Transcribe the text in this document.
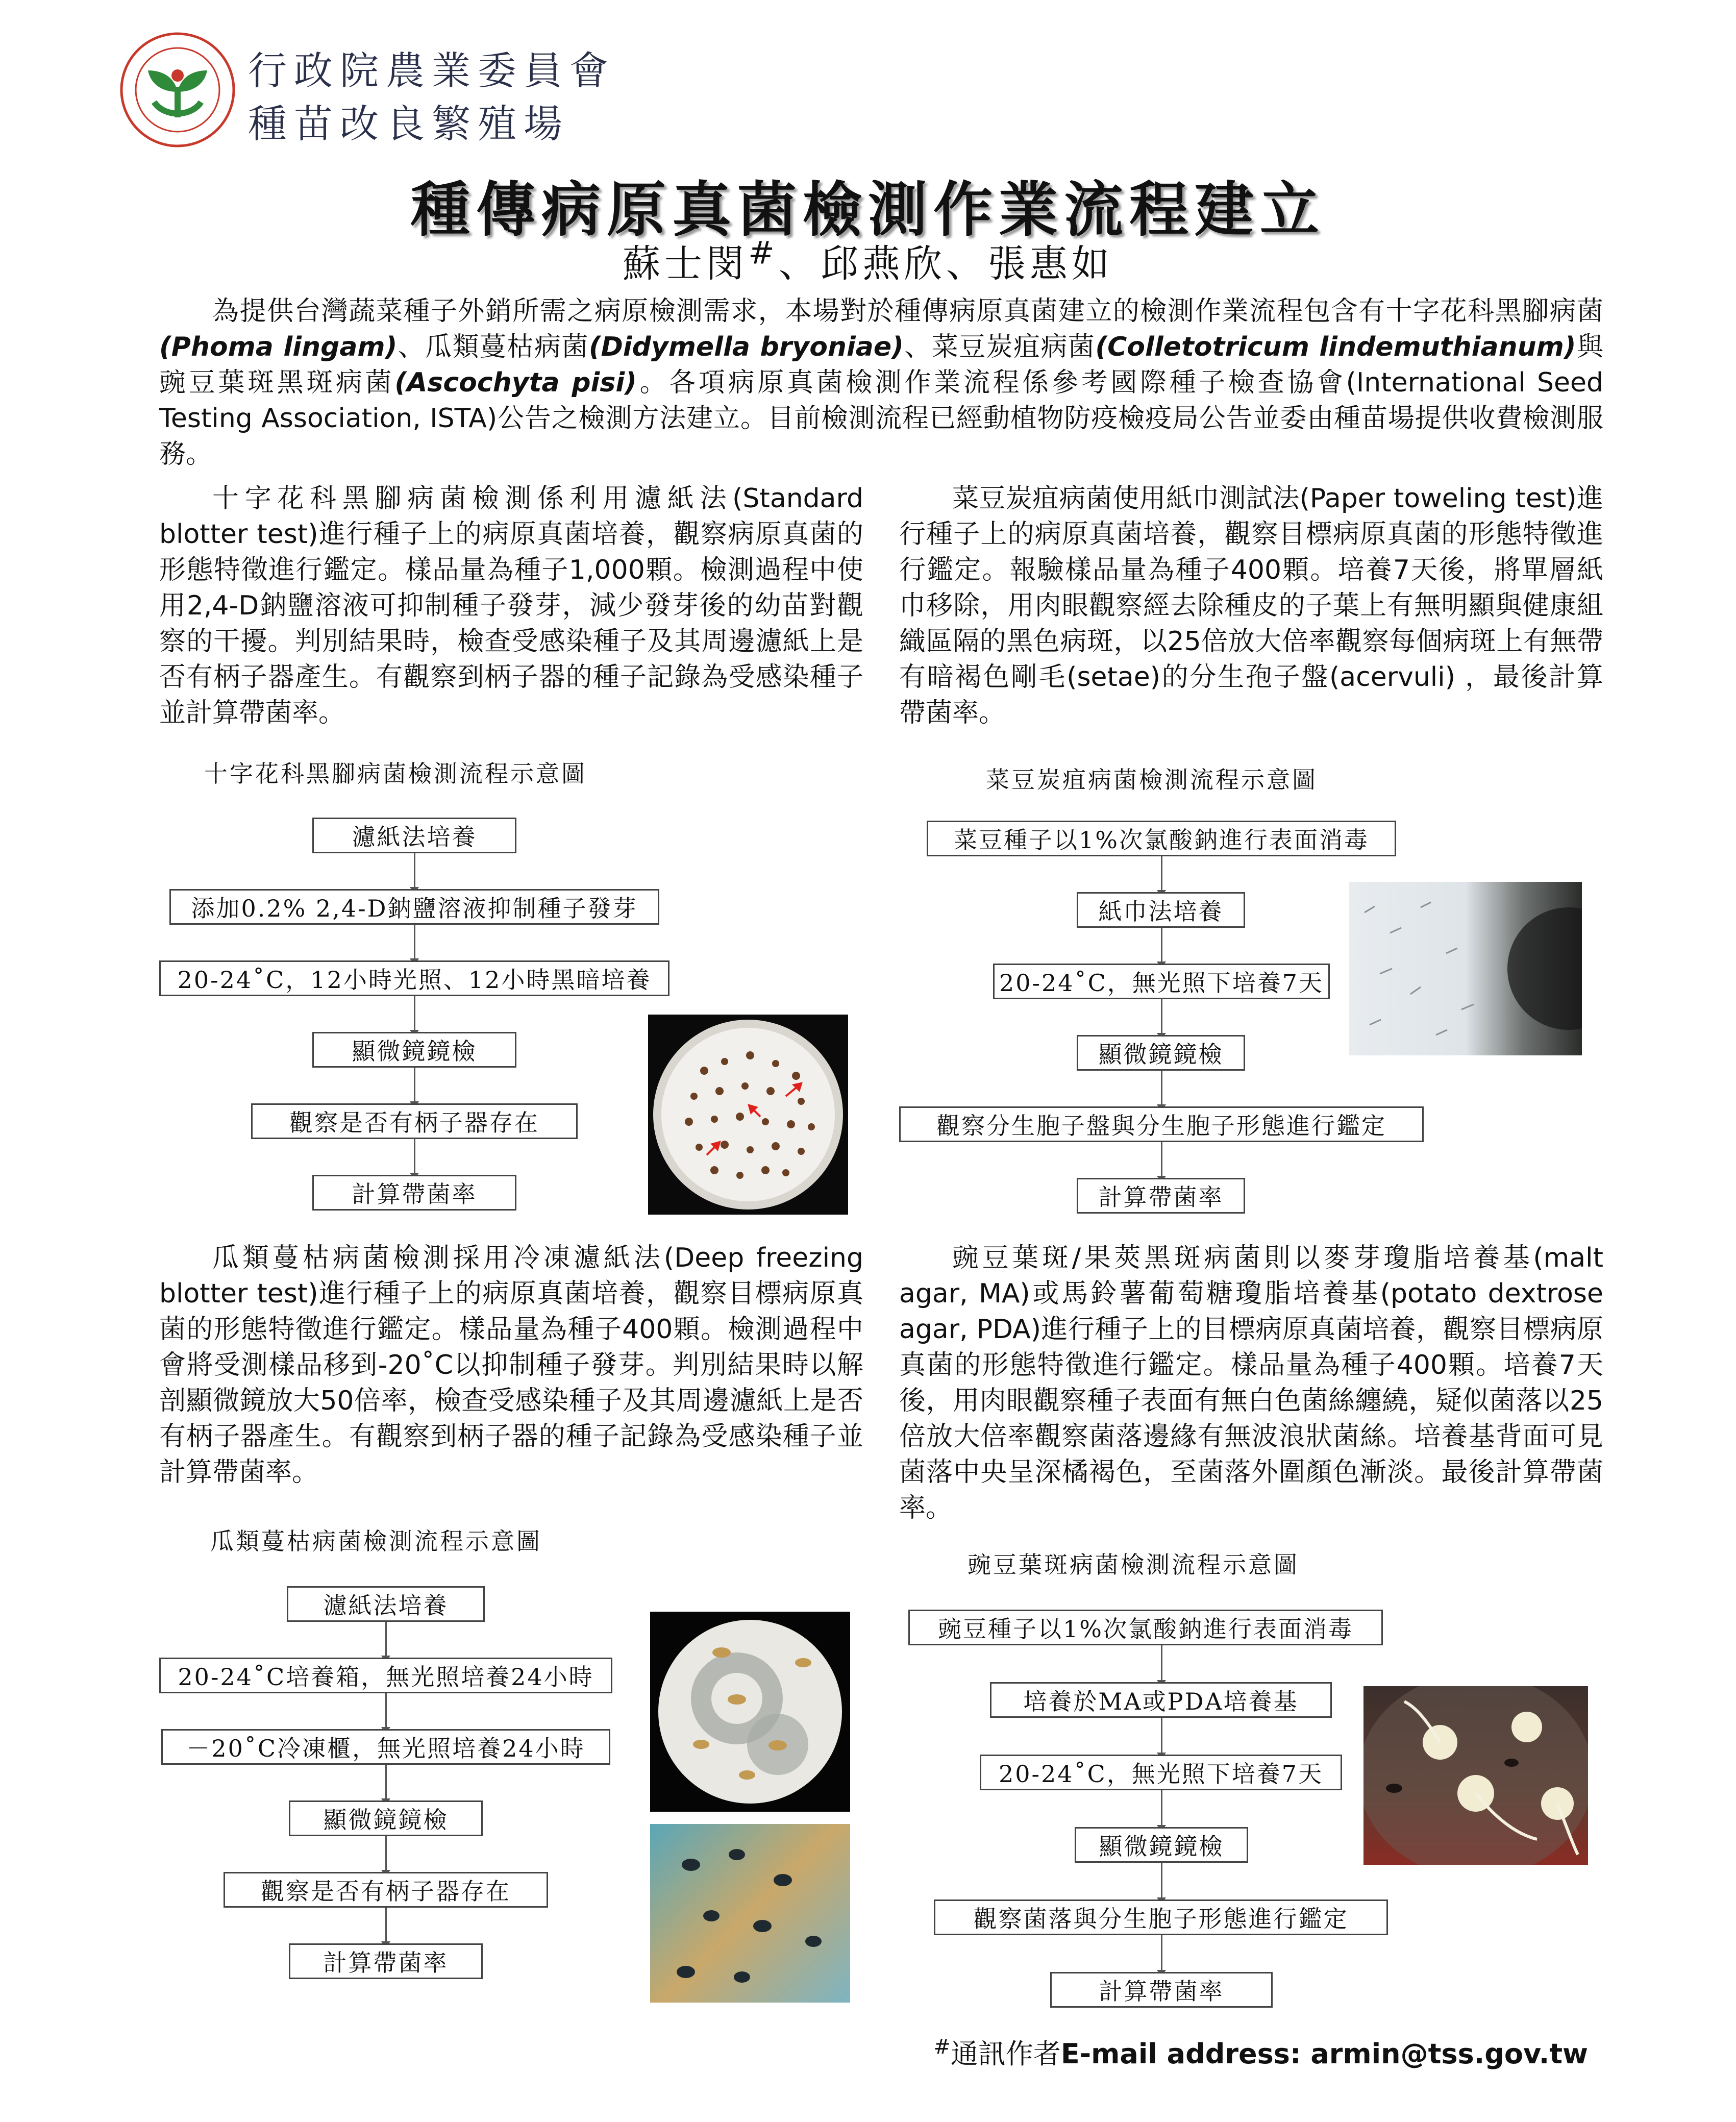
行政院農業委員會
種苗改良繁殖場
種傳病原真菌檢測作業流程建立
蘇士閔#、邱燕欣、張惠如
為提供台灣蔬菜種子外銷所需之病原檢測需求，本場對於種傳病原真菌建立的檢測作業流程包含有十字花科黑腳病菌(Phoma lingam)、瓜類蔓枯病菌(Didymella bryoniae)、菜豆炭疽病菌(Colletotricum lindemuthianum)與豌豆葉斑黑斑病菌(Ascochyta pisi)。各項病原真菌檢測作業流程係參考國際種子檢查協會(International Seed Testing Association, ISTA)公告之檢測方法建立。目前檢測流程已經動植物防疫檢疫局公告並委由種苗場提供收費檢測服務。
十字花科黑腳病菌檢測係利用濾紙法(Standard blotter test)進行種子上的病原真菌培養，觀察病原真菌的形態特徵進行鑑定。樣品量為種子1,000顆。檢測過程中使用2,4-D鈉鹽溶液可抑制種子發芽，減少發芽後的幼苗對觀察的干擾。判別結果時，檢查受感染種子及其周邊濾紙上是否有柄子器產生。有觀察到柄子器的種子記錄為受感染種子並計算帶菌率。
菜豆炭疽病菌使用紙巾測試法(Paper toweling test)進行種子上的病原真菌培養，觀察目標病原真菌的形態特徵進行鑑定。報驗樣品量為種子400顆。培養7天後，將單層紙巾移除，用肉眼觀察經去除種皮的子葉上有無明顯與健康組織區隔的黑色病斑，以25倍放大倍率觀察每個病斑上有無帶有暗褐色剛毛(setae)的分生孢子盤(acervuli) ，最後計算帶菌率。
瓜類蔓枯病菌檢測採用冷凍濾紙法(Deep freezing blotter test)進行種子上的病原真菌培養，觀察目標病原真菌的形態特徵進行鑑定。樣品量為種子400顆。檢測過程中會將受測樣品移到-20˚C以抑制種子發芽。判別結果時以解剖顯微鏡放大50倍率，檢查受感染種子及其周邊濾紙上是否有柄子器產生。有觀察到柄子器的種子記錄為受感染種子並計算帶菌率。
豌豆葉斑/果莢黑斑病菌則以麥芽瓊脂培養基(malt agar, MA)或馬鈴薯葡萄糖瓊脂培養基(potato dextrose agar, PDA)進行種子上的目標病原真菌培養，觀察目標病原真菌的形態特徵進行鑑定。樣品量為種子400顆。培養7天後，用肉眼觀察種子表面有無白色菌絲纏繞，疑似菌落以25倍放大倍率觀察菌落邊緣有無波浪狀菌絲。培養基背面可見菌落中央呈深橘褐色，至菌落外圍顏色漸淡。最後計算帶菌率。
十字花科黑腳病菌檢測流程示意圖	菜豆炭疽病菌檢測流程示意圖
瓜類蔓枯病菌檢測流程示意圖
豌豆葉斑病菌檢測流程示意圖
濾紙法培養
添加0.2% 2,4-D鈉鹽溶液抑制種子發芽
20-24˚C，12小時光照、12小時黑暗培養
顯微鏡鏡檢
觀察是否有柄子器存在
計算帶菌率
菜豆種子以1%次氯酸鈉進行表面消毒
紙巾法培養
20-24˚C，無光照下培養7天
顯微鏡鏡檢
觀察分生胞子盤與分生胞子形態進行鑑定
計算帶菌率
濾紙法培養
20-24˚C培養箱，無光照培養24小時
－20˚C冷凍櫃，無光照培養24小時
顯微鏡鏡檢
觀察是否有柄子器存在
計算帶菌率
豌豆種子以1%次氯酸鈉進行表面消毒
培養於MA或PDA培養基
20-24˚C，無光照下培養7天
顯微鏡鏡檢
觀察菌落與分生胞子形態進行鑑定
計算帶菌率
#通訊作者E-mail address: armin@tss.gov.tw
